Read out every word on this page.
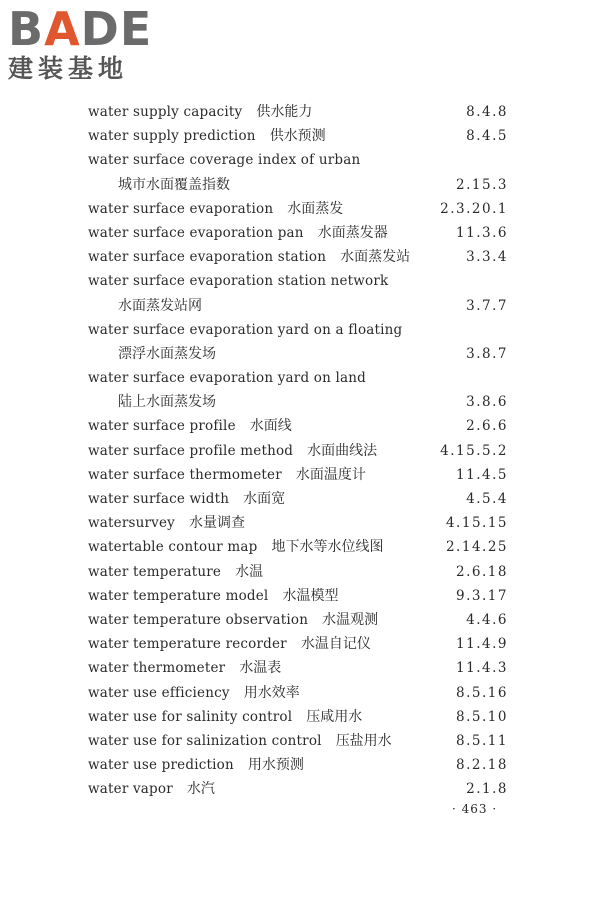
BADE
建装基地
water supply capacity 供水能力	8.4.8
water supply prediction 供水预测	8.4.5
water surface coverage index of urban
城市水面覆盖指数	2.15.3
water surface evaporation 水面蒸发	2.3.20.1
water surface evaporation pan 水面蒸发器	11.3.6
water surface evaporation station 水面蒸发站	3.3.4
water surface evaporation station network
水面蒸发站网	3.7.7
water surface evaporation yard on a floating
漂浮水面蒸发场	3.8.7
water surface evaporation yard on land
陆上水面蒸发场	3.8.6
water surface profile 水面线	2.6.6
water surface profile method 水面曲线法	4.15.5.2
water surface thermometer 水面温度计	11.4.5
water surface width 水面宽	4.5.4
watersurvey 水量调查	4.15.15
watertable contour map 地下水等水位线图	2.14.25
water temperature 水温	2.6.18
water temperature model 水温模型	9.3.17
water temperature observation 水温观测	4.4.6
water temperature recorder 水温自记仪	11.4.9
water thermometer 水温表	11.4.3
water use efficiency 用水效率	8.5.16
water use for salinity control 压咸用水	8.5.10
water use for salinization control 压盐用水	8.5.11
water use prediction 用水预测	8.2.18
water vapor 水汽	2.1.8
· 463 ·
